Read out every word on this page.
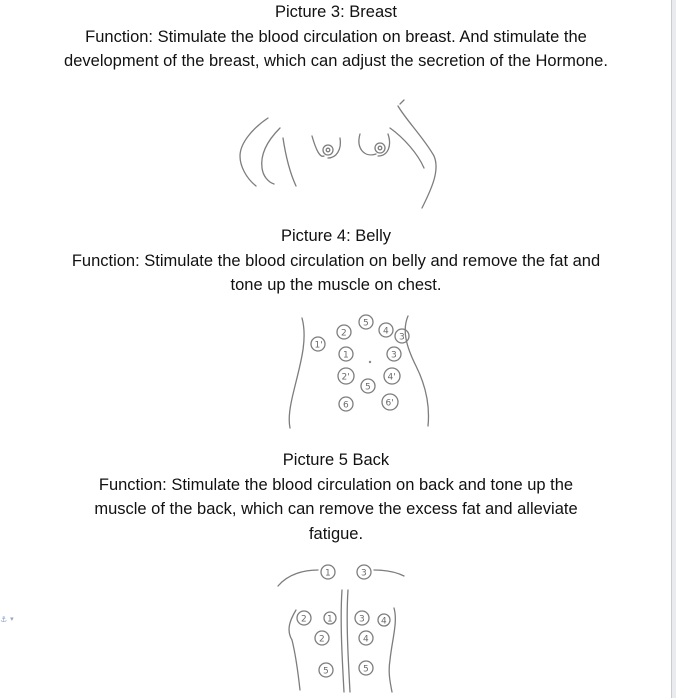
Picture 3: Breast

Function: Stimulate the blood circulation on breast. And stimulate the development of the breast, which can adjust the secretion of the Hormone.

Picture 4: Belly

Function: Stimulate the blood circulation on belly and remove the fat and tone up the muscle on chest.

1'
2
5
4
3
1	3
2'	4'
5
6	6'

Picture 5 Back

Function: Stimulate the blood circulation on back and tone up the muscle of the back, which can remove the excess fat and alleviate fatigue.

1	3
2 1	3 4
2	4
5	5
⚓ ▾
